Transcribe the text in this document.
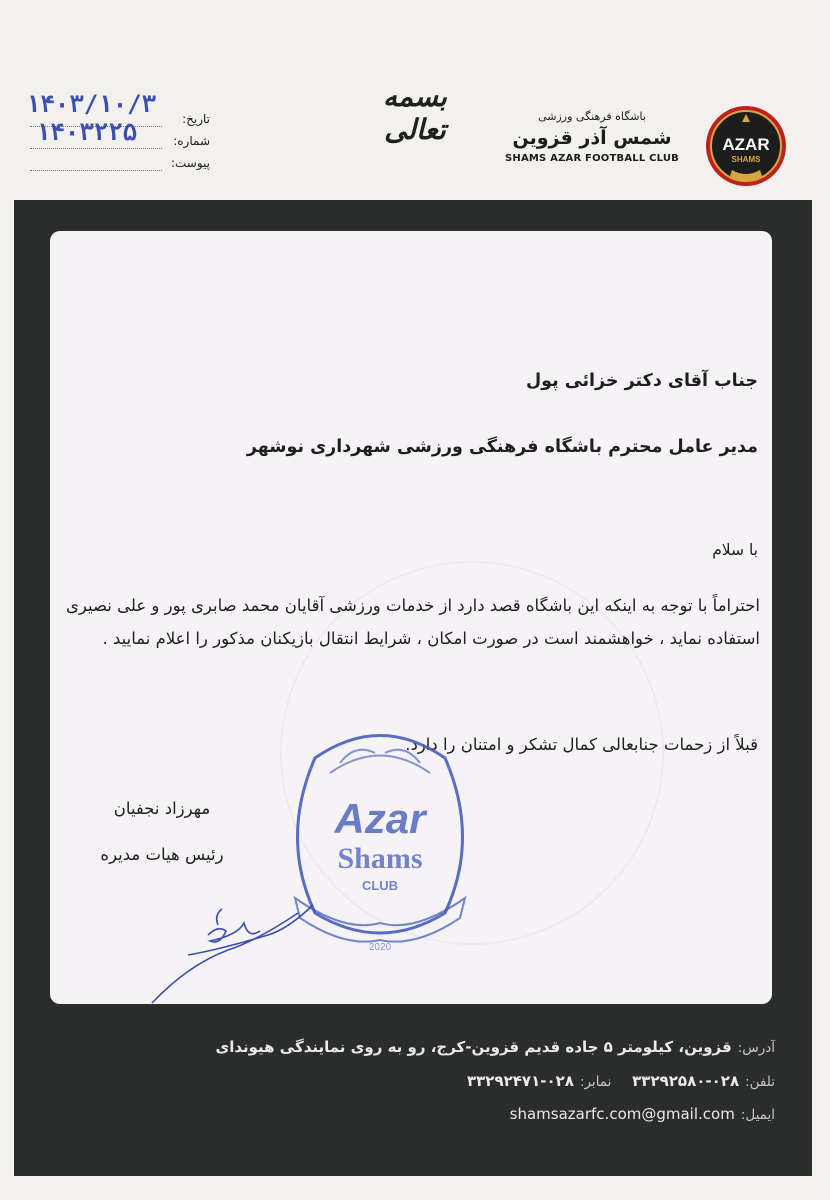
AZAR
SHAMS
باشگاه فرهنگی ورزشی
شمس آذر قزوین
SHAMS AZAR FOOTBALL CLUB
بسمه تعالی
تاریخ:
شماره:
پیوست:
۱۴۰۳/۱۰/۳
۱۴۰۳۲۲۵
جناب آقای دکتر خزائی پول
مدیر عامل محترم باشگاه فرهنگی ورزشی شهرداری نوشهر
با سلام
احتراماً با توجه به اینکه این باشگاه قصد دارد از خدمات ورزشی آقایان محمد صابری پور و علی نصیری استفاده نماید ، خواهشمند است در صورت امکان ، شرایط انتقال بازیکنان مذکور را اعلام نمایید .
قبلاً از زحمات جنابعالی کمال تشکر و امتنان را دارد.
مهرزاد نجفیان
رئیس هیات مدیره
Azar
Shams
CLUB
2020
آدرس:قزوین، کیلومتر ۵ جاده قدیم قزوین-کرج، رو به روی نمایندگی هیوندای
تلفن:۰۲۸-۳۳۲۹۲۵۸۰ نمابر:۰۲۸-۳۳۲۹۲۴۷۱
ایمیل:shamsazarfc.com@gmail.com
